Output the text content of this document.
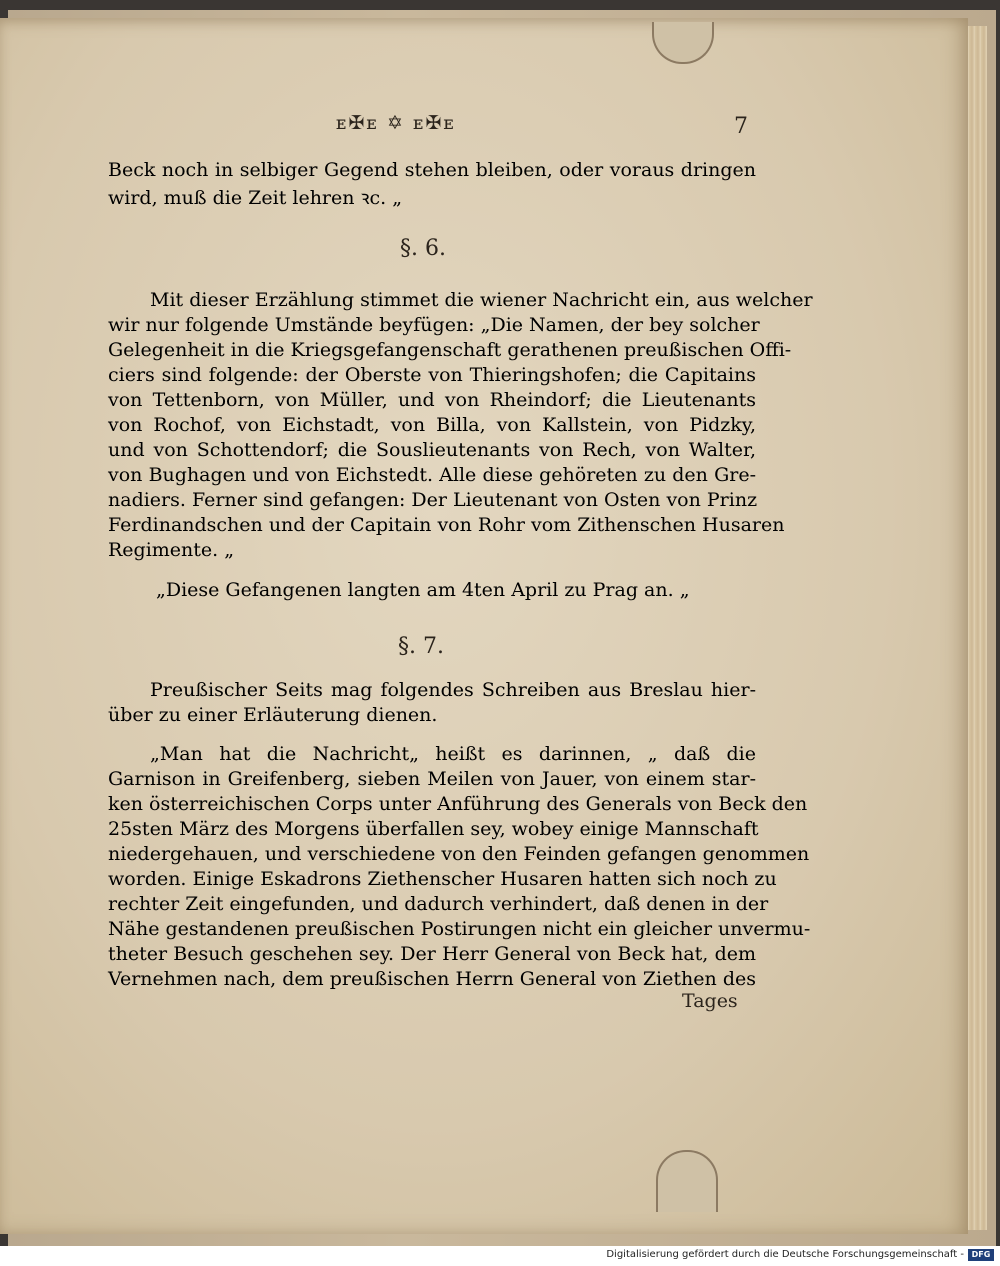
ᴇ✠ᴇ ✡ ᴇ✠ᴇ	7
Beck noch in selbiger Gegend stehen bleiben, oder voraus dringen
wird, muß die Zeit lehren ꝛc. „
§. 6.
Mit dieser Erzählung stimmet die wiener Nachricht ein, aus welcher
wir nur folgende Umstände beyfügen: „Die Namen, der bey solcher
Gelegenheit in die Kriegsgefangenschaft gerathenen preußischen Offi-
ciers sind folgende: der Oberste von Thieringshofen; die Capitains
von Tettenborn, von Müller, und von Rheindorf; die Lieutenants
von Rochof, von Eichstadt, von Billa, von Kallstein, von Pidzky,
und von Schottendorf; die Souslieutenants von Rech, von Walter,
von Bughagen und von Eichstedt. Alle diese gehöreten zu den Gre-
nadiers. Ferner sind gefangen: Der Lieutenant von Osten von Prinz
Ferdinandschen und der Capitain von Rohr vom Zithenschen Husaren
Regimente. „
„Diese Gefangenen langten am 4ten April zu Prag an. „
§. 7.
Preußischer Seits mag folgendes Schreiben aus Breslau hier-
über zu einer Erläuterung dienen.
„Man hat die Nachricht„ heißt es darinnen, „ daß die
Garnison in Greifenberg, sieben Meilen von Jauer, von einem star-
ken österreichischen Corps unter Anführung des Generals von Beck den
25sten März des Morgens überfallen sey, wobey einige Mannschaft
niedergehauen, und verschiedene von den Feinden gefangen genommen
worden. Einige Eskadrons Ziethenscher Husaren hatten sich noch zu
rechter Zeit eingefunden, und dadurch verhindert, daß denen in der
Nähe gestandenen preußischen Postirungen nicht ein gleicher unvermu-
theter Besuch geschehen sey. Der Herr General von Beck hat, dem
Vernehmen nach, dem preußischen Herrn General von Ziethen des
Tages
Digitalisierung gefördert durch die Deutsche Forschungsgemeinschaft - DFG
